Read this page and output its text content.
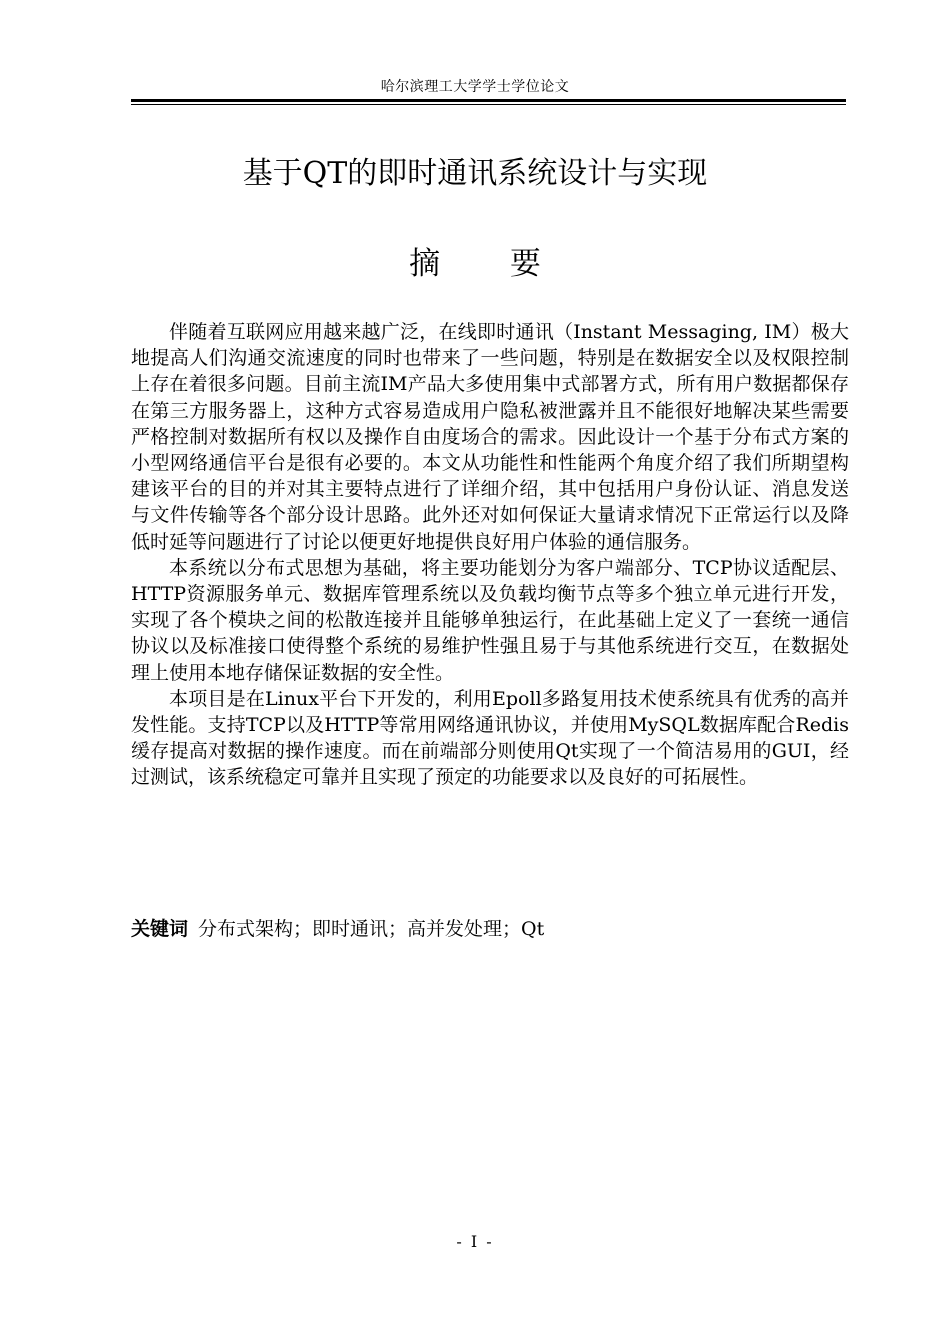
哈尔滨理工大学学士学位论文
基于QT的即时通讯系统设计与实现
摘 要

伴随着互联网应用越来越广泛，在线即时通讯（Instant Messaging, IM）极大地提高人们沟通交流速度的同时也带来了一些问题，特别是在数据安全以及权限控制上存在着很多问题。目前主流IM产品大多使用集中式部署方式，所有用户数据都保存在第三方服务器上，这种方式容易造成用户隐私被泄露并且不能很好地解决某些需要严格控制对数据所有权以及操作自由度场合的需求。因此设计一个基于分布式方案的小型网络通信平台是很有必要的。本文从功能性和性能两个角度介绍了我们所期望构建该平台的目的并对其主要特点进行了详细介绍，其中包括用户身份认证、消息发送与文件传输等各个部分设计思路。此外还对如何保证大量请求情况下正常运行以及降低时延等问题进行了讨论以便更好地提供良好用户体验的通信服务。

本系统以分布式思想为基础，将主要功能划分为客户端部分、TCP协议适配层、HTTP资源服务单元、数据库管理系统以及负载均衡节点等多个独立单元进行开发，实现了各个模块之间的松散连接并且能够单独运行，在此基础上定义了一套统一通信协议以及标准接口使得整个系统的易维护性强且易于与其他系统进行交互，在数据处理上使用本地存储保证数据的安全性。

本项目是在Linux平台下开发的，利用Epoll多路复用技术使系统具有优秀的高并发性能。支持TCP以及HTTP等常用网络通讯协议，并使用MySQL数据库配合Redis缓存提高对数据的操作速度。而在前端部分则使用Qt实现了一个简洁易用的GUI，经过测试，该系统稳定可靠并且实现了预定的功能要求以及良好的可拓展性。

关键词 分布式架构；即时通讯；高并发处理；Qt
- I -
